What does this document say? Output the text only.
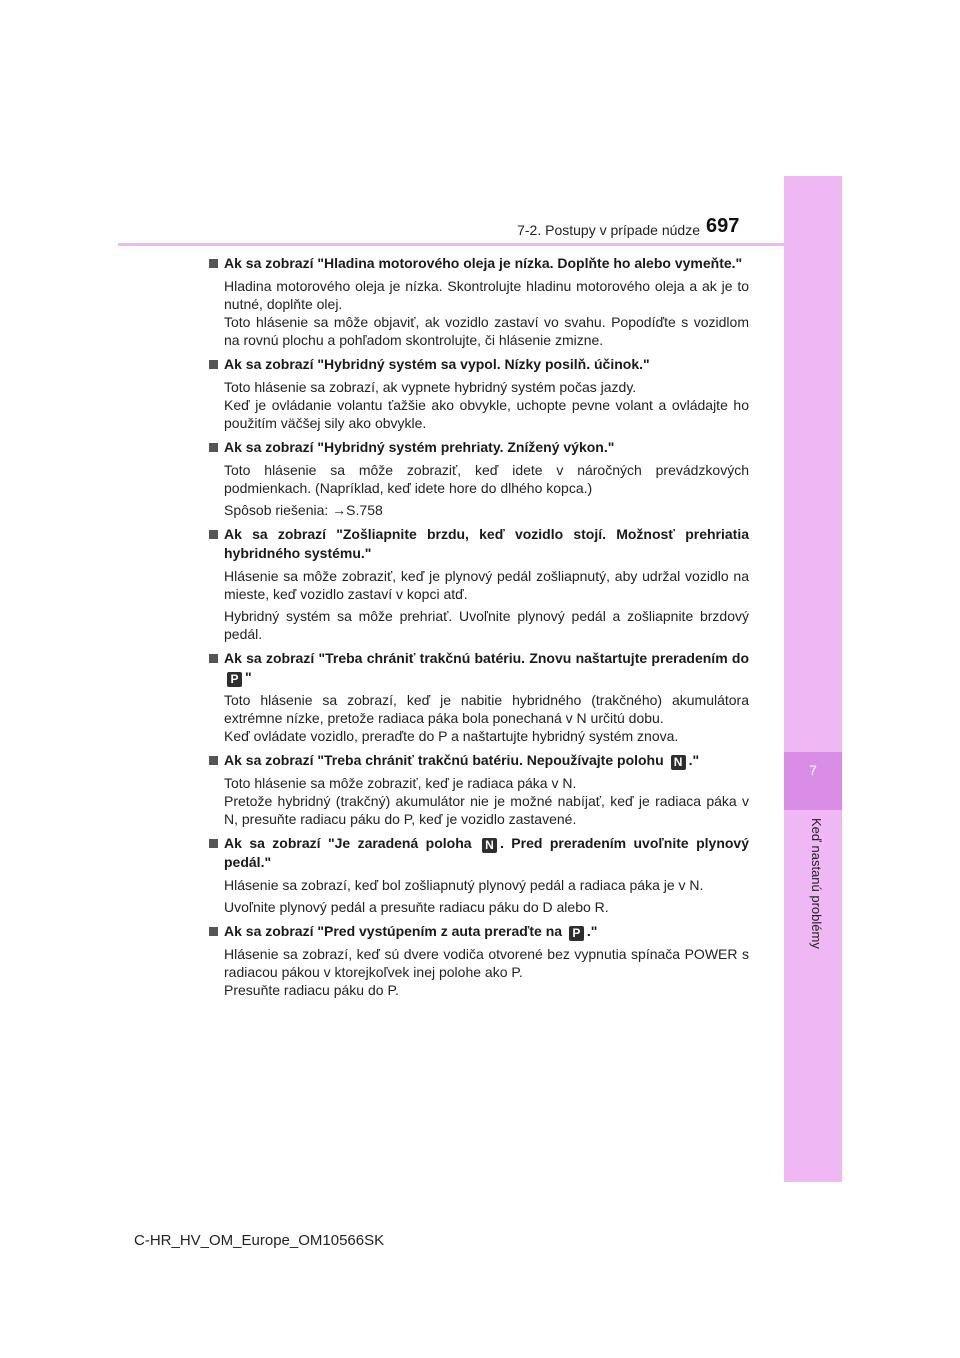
7
Keď nastanú problémy
7-2. Postupy v prípade núdze 697
Ak sa zobrazí "Hladina motorového oleja je nízka. Doplňte ho alebo vymeňte."
Hladina motorového oleja je nízka. Skontrolujte hladinu motorového oleja a ak je to nutné, doplňte olej.
Toto hlásenie sa môže objaviť, ak vozidlo zastaví vo svahu. Popodíďte s vozidlom na rovnú plochu a pohľadom skontrolujte, či hlásenie zmizne.
Ak sa zobrazí "Hybridný systém sa vypol. Nízky posilň. účinok."
Toto hlásenie sa zobrazí, ak vypnete hybridný systém počas jazdy.
Keď je ovládanie volantu ťažšie ako obvykle, uchopte pevne volant a ovládajte ho použitím väčšej sily ako obvykle.
Ak sa zobrazí "Hybridný systém prehriaty. Znížený výkon."
Toto hlásenie sa môže zobraziť, keď idete v náročných prevádzkových podmienkach. (Napríklad, keď idete hore do dlhého kopca.)
Spôsob riešenia: →S.758
Ak sa zobrazí "Zošliapnite brzdu, keď vozidlo stojí. Možnosť prehriatia hybridného systému."
Hlásenie sa môže zobraziť, keď je plynový pedál zošliapnutý, aby udržal vozidlo na mieste, keď vozidlo zastaví v kopci atď.
Hybridný systém sa môže prehriať. Uvoľnite plynový pedál a zošliapnite brzdový pedál.
Ak sa zobrazí "Treba chrániť trakčnú batériu. Znovu naštartujte preradením do P "
Toto hlásenie sa zobrazí, keď je nabitie hybridného (trakčného) akumulátora extrémne nízke, pretože radiaca páka bola ponechaná v N určitú dobu.
Keď ovládate vozidlo, preraďte do P a naštartujte hybridný systém znova.
Ak sa zobrazí "Treba chrániť trakčnú batériu. Nepoužívajte polohu N ."
Toto hlásenie sa môže zobraziť, keď je radiaca páka v N.
Pretože hybridný (trakčný) akumulátor nie je možné nabíjať, keď je radiaca páka v N, presuňte radiacu páku do P, keď je vozidlo zastavené.
Ak sa zobrazí "Je zaradená poloha N . Pred preradením uvoľnite plynový pedál."
Hlásenie sa zobrazí, keď bol zošliapnutý plynový pedál a radiaca páka je v N.
Uvoľnite plynový pedál a presuňte radiacu páku do D alebo R.
Ak sa zobrazí "Pred vystúpením z auta preraďte na P ."
Hlásenie sa zobrazí, keď sú dvere vodiča otvorené bez vypnutia spínača POWER s radiacou pákou v ktorejkoľvek inej polohe ako P.
Presuňte radiacu páku do P.
C-HR_HV_OM_Europe_OM10566SK
